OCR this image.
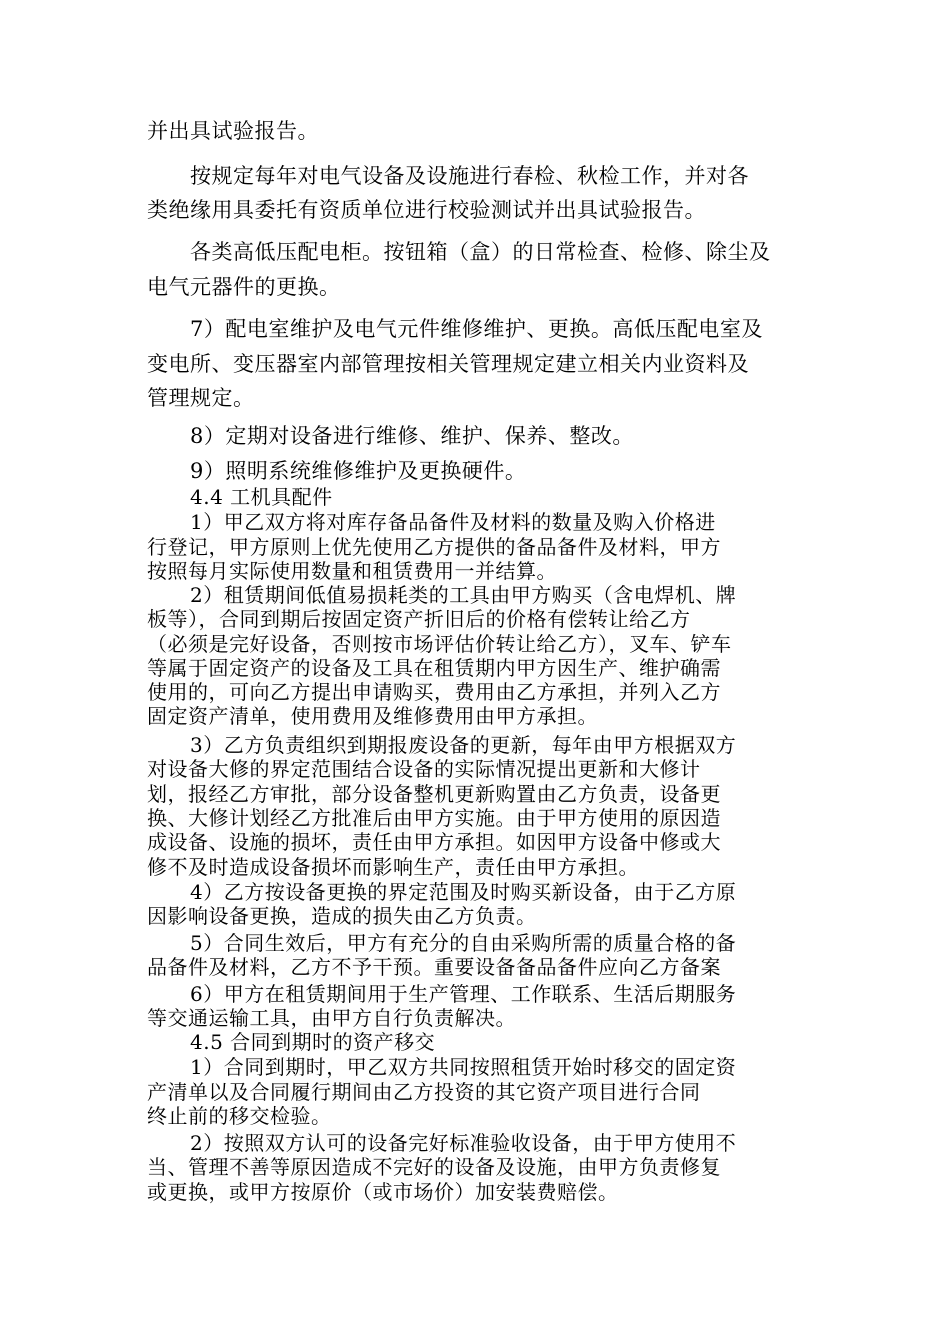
并出具试验报告。
按规定每年对电气设备及设施进行春检、秋检工作，并对各
类绝缘用具委托有资质单位进行校验测试并出具试验报告。
各类高低压配电柜。按钮箱（盒）的日常检查、检修、除尘及
电气元器件的更换。
7）配电室维护及电气元件维修维护、更换。高低压配电室及
变电所、变压器室内部管理按相关管理规定建立相关内业资料及
管理规定。
8）定期对设备进行维修、维护、保养、整改。
9）照明系统维修维护及更换硬件。
4.4 工机具配件
1）甲乙双方将对库存备品备件及材料的数量及购入价格进
行登记，甲方原则上优先使用乙方提供的备品备件及材料，甲方
按照每月实际使用数量和租赁费用一并结算。
2）租赁期间低值易损耗类的工具由甲方购买（含电焊机、牌
板等），合同到期后按固定资产折旧后的价格有偿转让给乙方
（必须是完好设备，否则按市场评估价转让给乙方），叉车、铲车
等属于固定资产的设备及工具在租赁期内甲方因生产、维护确需
使用的，可向乙方提出申请购买，费用由乙方承担，并列入乙方
固定资产清单，使用费用及维修费用由甲方承担。
3）乙方负责组织到期报废设备的更新，每年由甲方根据双方
对设备大修的界定范围结合设备的实际情况提出更新和大修计
划，报经乙方审批，部分设备整机更新购置由乙方负责，设备更
换、大修计划经乙方批准后由甲方实施。由于甲方使用的原因造
成设备、设施的损坏，责任由甲方承担。如因甲方设备中修或大
修不及时造成设备损坏而影响生产，责任由甲方承担。
4）乙方按设备更换的界定范围及时购买新设备，由于乙方原
因影响设备更换，造成的损失由乙方负责。
5）合同生效后，甲方有充分的自由采购所需的质量合格的备
品备件及材料，乙方不予干预。重要设备备品备件应向乙方备案
6）甲方在租赁期间用于生产管理、工作联系、生活后期服务
等交通运输工具，由甲方自行负责解决。
4.5 合同到期时的资产移交
1）合同到期时，甲乙双方共同按照租赁开始时移交的固定资
产清单以及合同履行期间由乙方投资的其它资产项目进行合同
终止前的移交检验。
2）按照双方认可的设备完好标准验收设备，由于甲方使用不
当、管理不善等原因造成不完好的设备及设施，由甲方负责修复
或更换，或甲方按原价（或市场价）加安装费赔偿。
